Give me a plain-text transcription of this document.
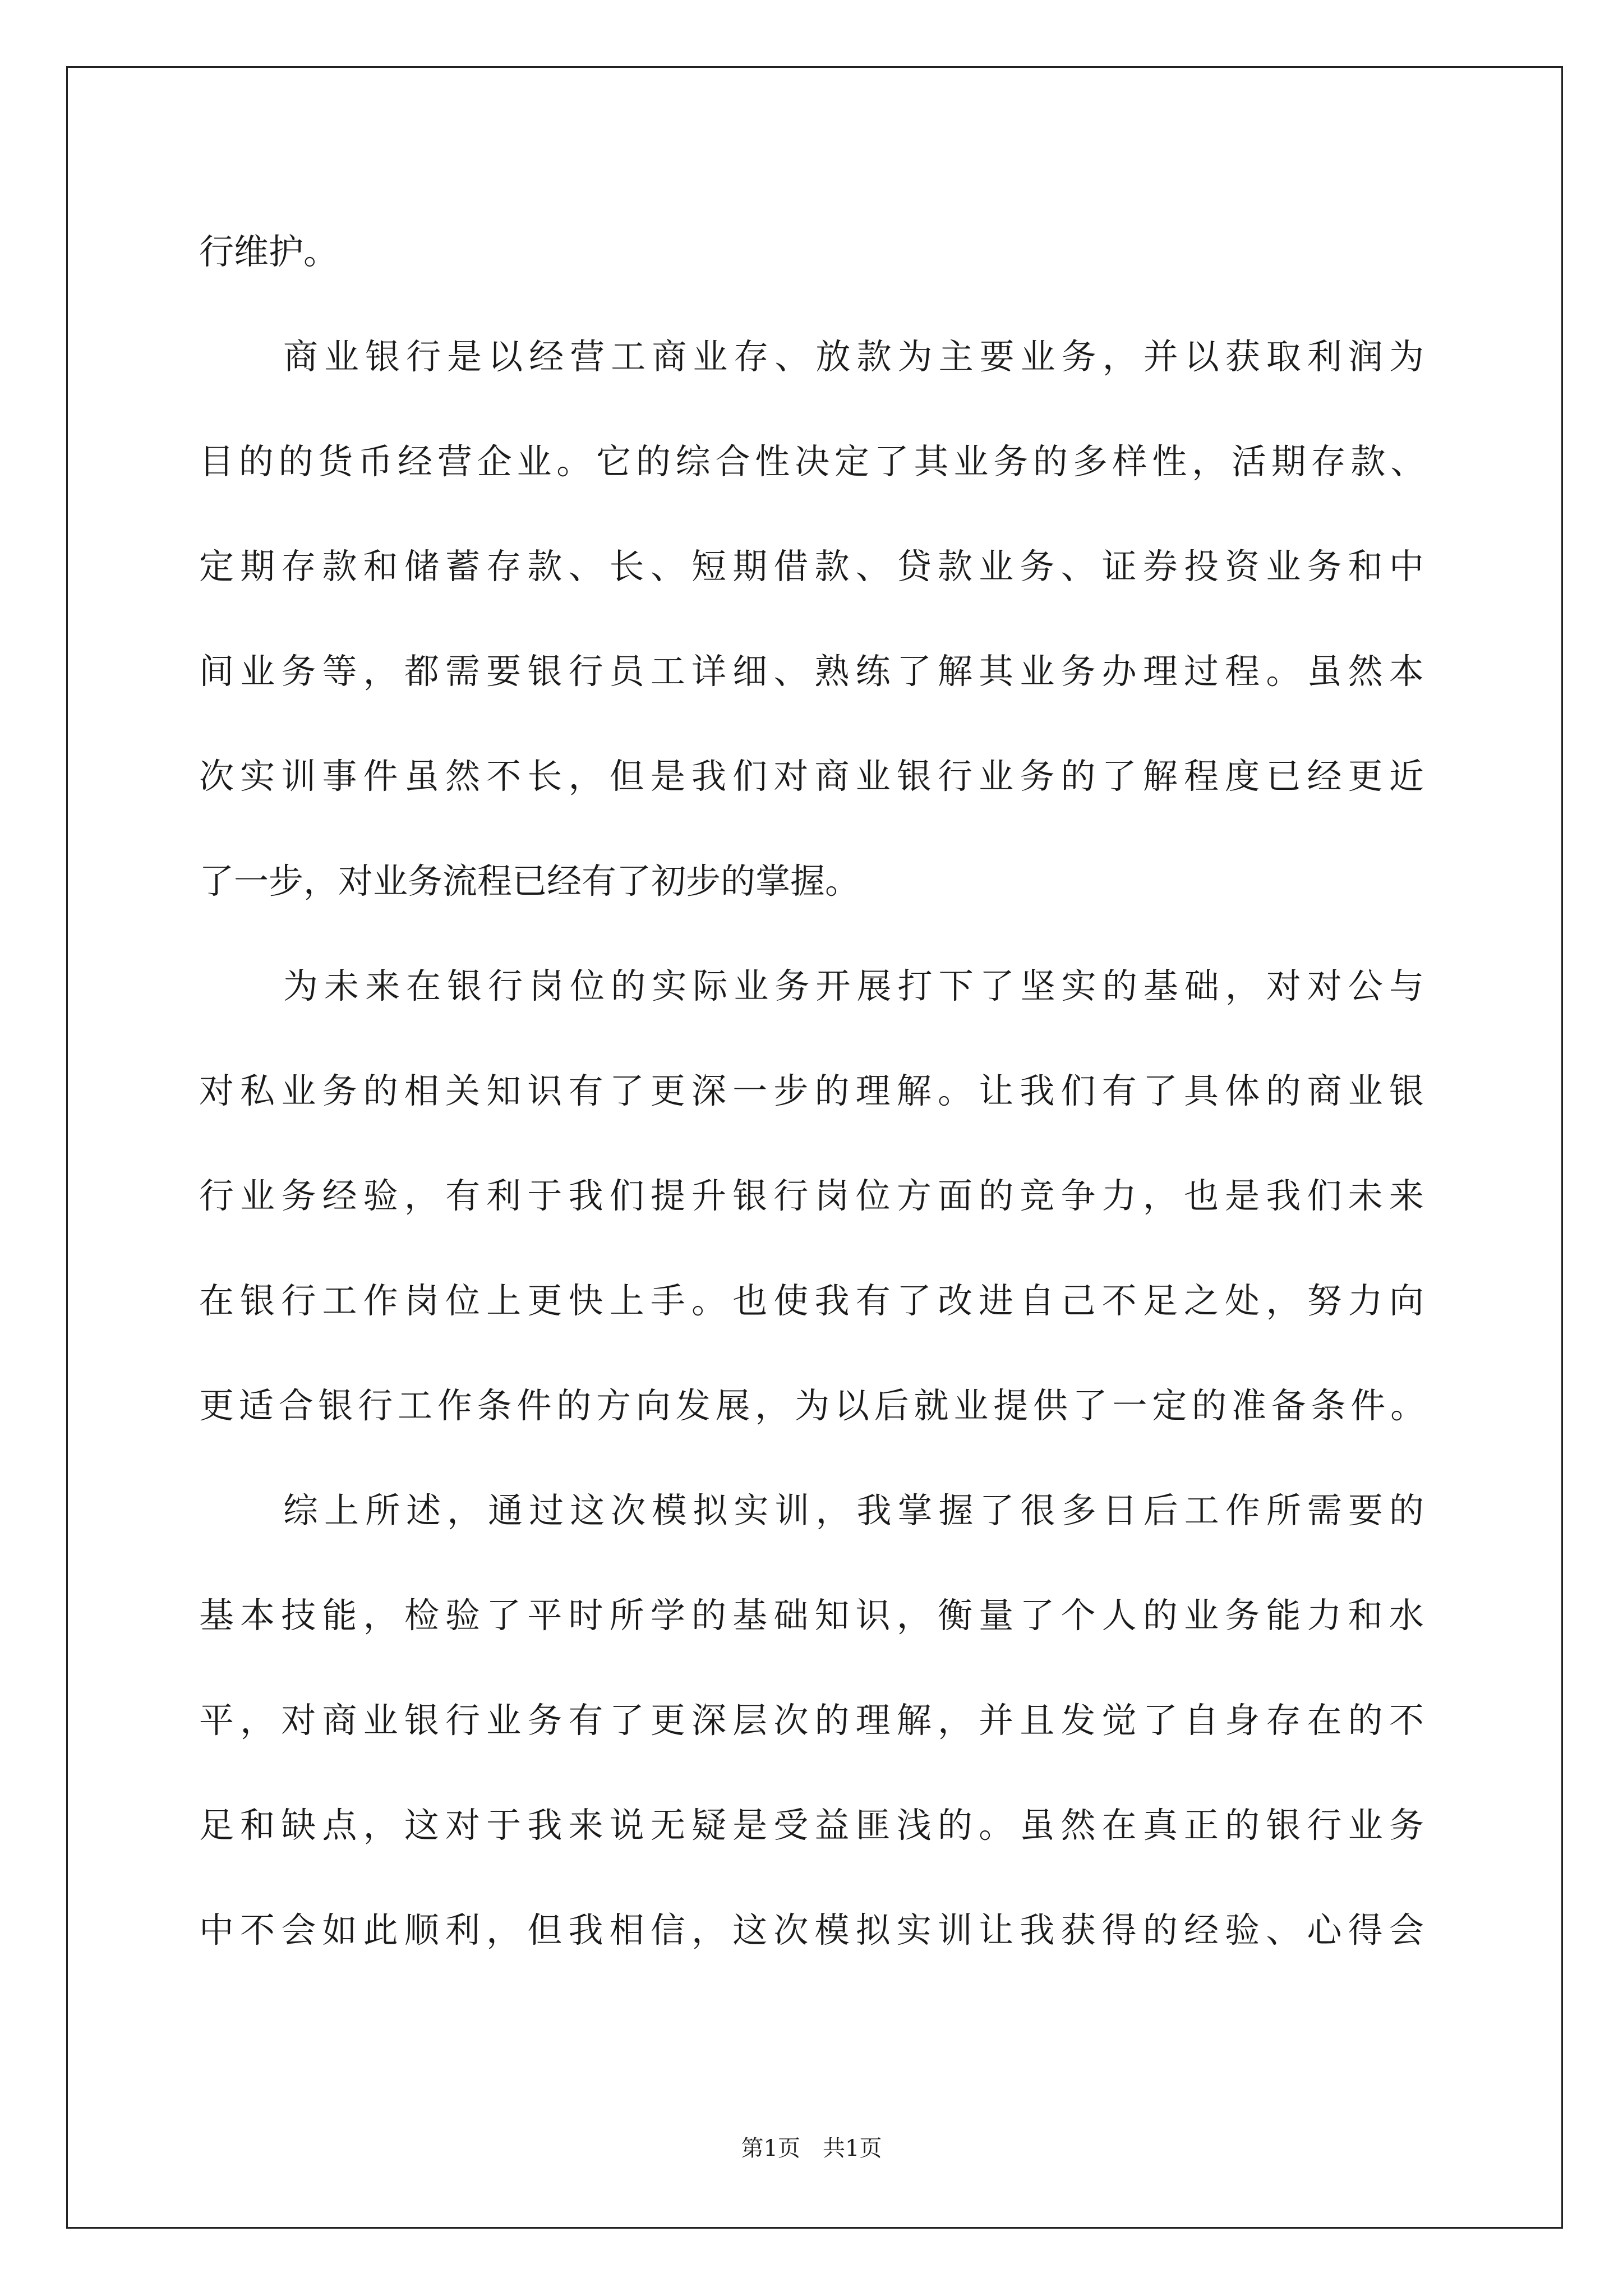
行维护。
商业银行是以经营工商业存、放款为主要业务，并以获取利润为
目的的货币经营企业。它的综合性决定了其业务的多样性，活期存款、
定期存款和储蓄存款、长、短期借款、贷款业务、证券投资业务和中
间业务等，都需要银行员工详细、熟练了解其业务办理过程。虽然本
次实训事件虽然不长，但是我们对商业银行业务的了解程度已经更近
了一步，对业务流程已经有了初步的掌握。
为未来在银行岗位的实际业务开展打下了坚实的基础，对对公与
对私业务的相关知识有了更深一步的理解。让我们有了具体的商业银
行业务经验，有利于我们提升银行岗位方面的竞争力，也是我们未来
在银行工作岗位上更快上手。也使我有了改进自己不足之处，努力向
更适合银行工作条件的方向发展，为以后就业提供了一定的准备条件。
综上所述，通过这次模拟实训，我掌握了很多日后工作所需要的
基本技能，检验了平时所学的基础知识，衡量了个人的业务能力和水
平，对商业银行业务有了更深层次的理解，并且发觉了自身存在的不
足和缺点，这对于我来说无疑是受益匪浅的。虽然在真正的银行业务
中不会如此顺利，但我相信，这次模拟实训让我获得的经验、心得会
第1页　共1页
